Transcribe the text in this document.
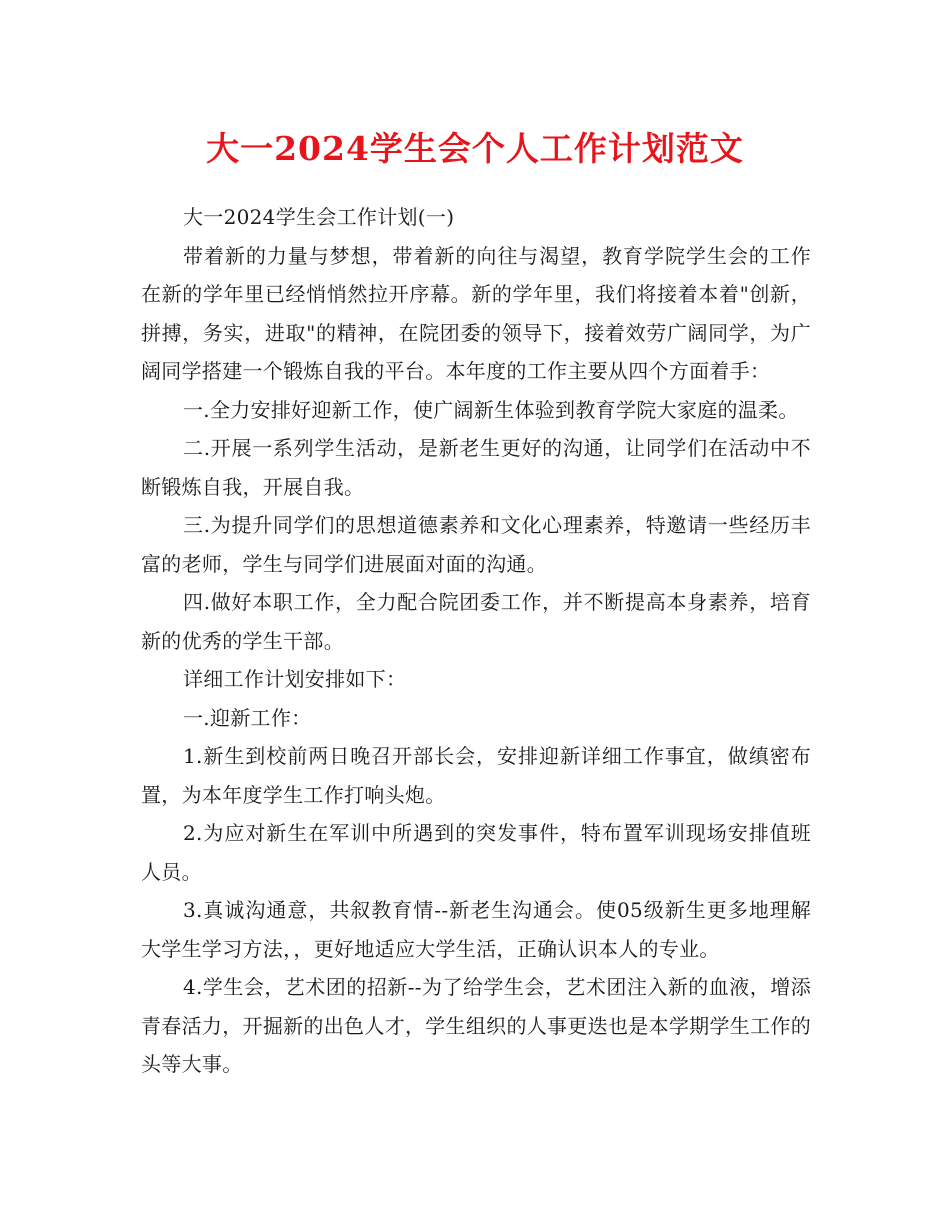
大一2024学生会个人工作计划范文

大一2024学生会工作计划(一)

带着新的力量与梦想，带着新的向往与渴望，教育学院学生会的工作在新的学年里已经悄悄然拉开序幕。新的学年里，我们将接着本着"创新，拼搏，务实，进取"的精神，在院团委的领导下，接着效劳广阔同学，为广阔同学搭建一个锻炼自我的平台。本年度的工作主要从四个方面着手：

一.全力安排好迎新工作，使广阔新生体验到教育学院大家庭的温柔。

二.开展一系列学生活动，是新老生更好的沟通，让同学们在活动中不断锻炼自我，开展自我。

三.为提升同学们的思想道德素养和文化心理素养，特邀请一些经历丰富的老师，学生与同学们进展面对面的沟通。

四.做好本职工作，全力配合院团委工作，并不断提高本身素养，培育新的优秀的学生干部。

详细工作计划安排如下：

一.迎新工作：

1.新生到校前两日晚召开部长会，安排迎新详细工作事宜，做缜密布置，为本年度学生工作打响头炮。

2.为应对新生在军训中所遇到的突发事件，特布置军训现场安排值班人员。

3.真诚沟通意，共叙教育情--新老生沟通会。使05级新生更多地理解大学生学习方法，，更好地适应大学生活，正确认识本人的专业。

4.学生会，艺术团的招新--为了给学生会，艺术团注入新的血液，增添青春活力，开掘新的出色人才，学生组织的人事更迭也是本学期学生工作的头等大事。
